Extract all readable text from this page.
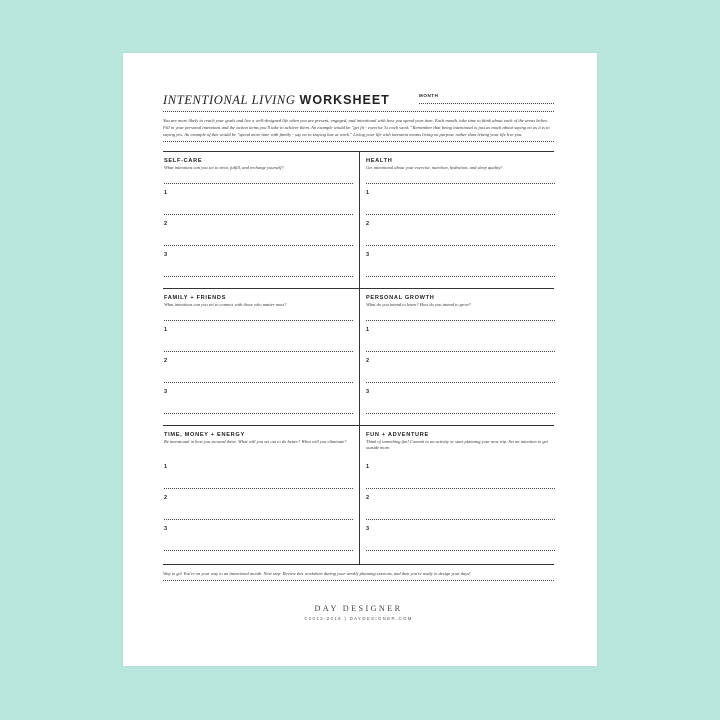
INTENTIONAL LIVING WORKSHEET	MONTH

You are more likely to reach your goals and live a well-designed life when you are present, engaged, and intentional with how you spend your time. Each month, take time to think about each of the areas below. Fill in your personal intentions and the action items you'll take to achieve them. An example would be "get fit - exercise 3x each week." Remember that being intentional is just as much about saying no as it is to saying yes. An example of this would be "spend more time with family - say no to staying late at work." Living your life with intention means living on purpose rather than letting your life live you.

SELF-CARE
What intentions can you set to treat, fulfill, and recharge yourself?
1
2
3
HEALTH
Get intentional about your exercise, nutrition, hydration, and sleep quality!
1
2
3
FAMILY + FRIENDS
What intentions can you set to connect with those who matter most?
1
2
3
PERSONAL GROWTH
What do you intend to learn? How do you intend to grow?
1
2
3
TIME, MONEY + ENERGY
Be intentional in how you steward these. What will you set out to do better? What will you eliminate?
1
2
3
FUN + ADVENTURE
Think of something fun! Commit to an activity or start planning your next trip. Set an intention to get outside more.
1
2
3
Way to go! You're on your way to an intentional month. Next step: Review this worksheet during your weekly planning sessions, and then you're ready to design your days!
DAY DESIGNER
©2012-2018 | DAYDESIGNER.COM
